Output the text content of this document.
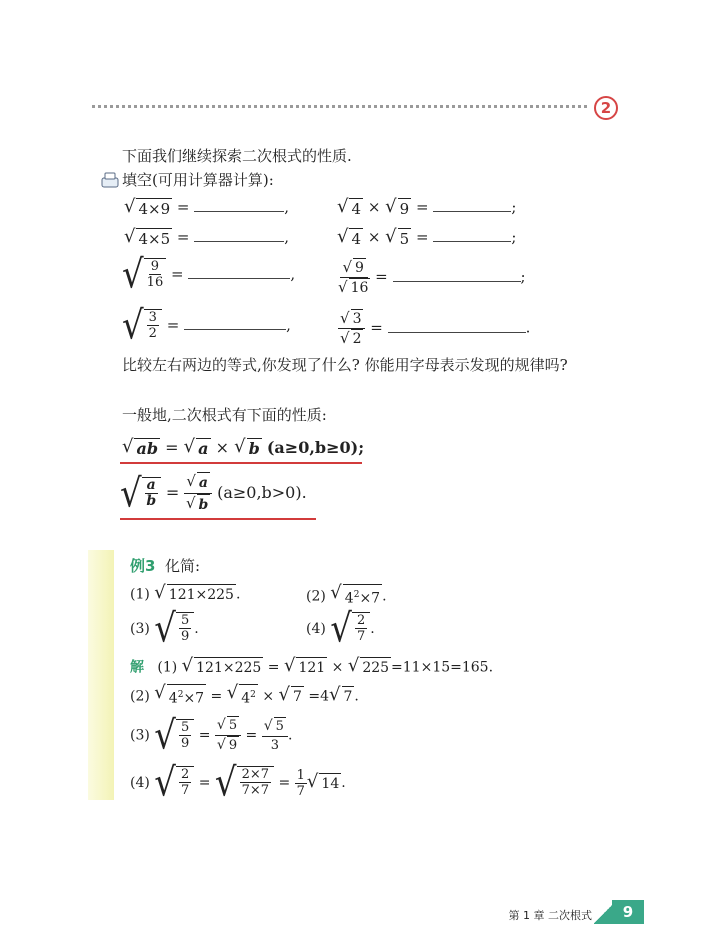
2
下面我们继续探索二次根式的性质.
填空(可用计算器计算):
√ 4×9 =	,	√ 4 × √ 9 =	;
√ 4×5 =	,	√ 4 × √ 5 =	;
√ $\frac{9}{16}$ =	,	$\frac{√ 9}{√ 16}$ =	;
√ $\frac{3}{2}$ =	,	$\frac{√ 3}{√ 2}$ =	.
比较左右两边的等式,你发现了什么? 你能用字母表示发现的规律吗?
一般地,二次根式有下面的性质:
√ ab = √ a × √ b (a≥0,b≥0);
√ $\frac{a}{b} = \frac{√ a}{√ b} (a\ge 0,b>0)$.
例3 化简:
(1) √ 121×225 .	(2) √ $4^2\times 7$ .
(3) √ $\frac{5}{9}$ .	(4) √ $\frac{2}{7}$ .
解 (1) √ 121×225 = √ 121 × √ 225 =11×15=165.
(2) √ $4^2\times 7$ = √ $4^2$ × √ 7 =4 √ 7 .
(3) √ $\frac{5}{9} = \frac{√ 5}{√ 9} = \frac{√ 5}{3}$ .
(4) √ $\frac{2}{7}$ = √ $\frac{2\times 7}{7\times 7} = \frac{1}{7}$ √ 14 .
第 1 章 二次根式	9
